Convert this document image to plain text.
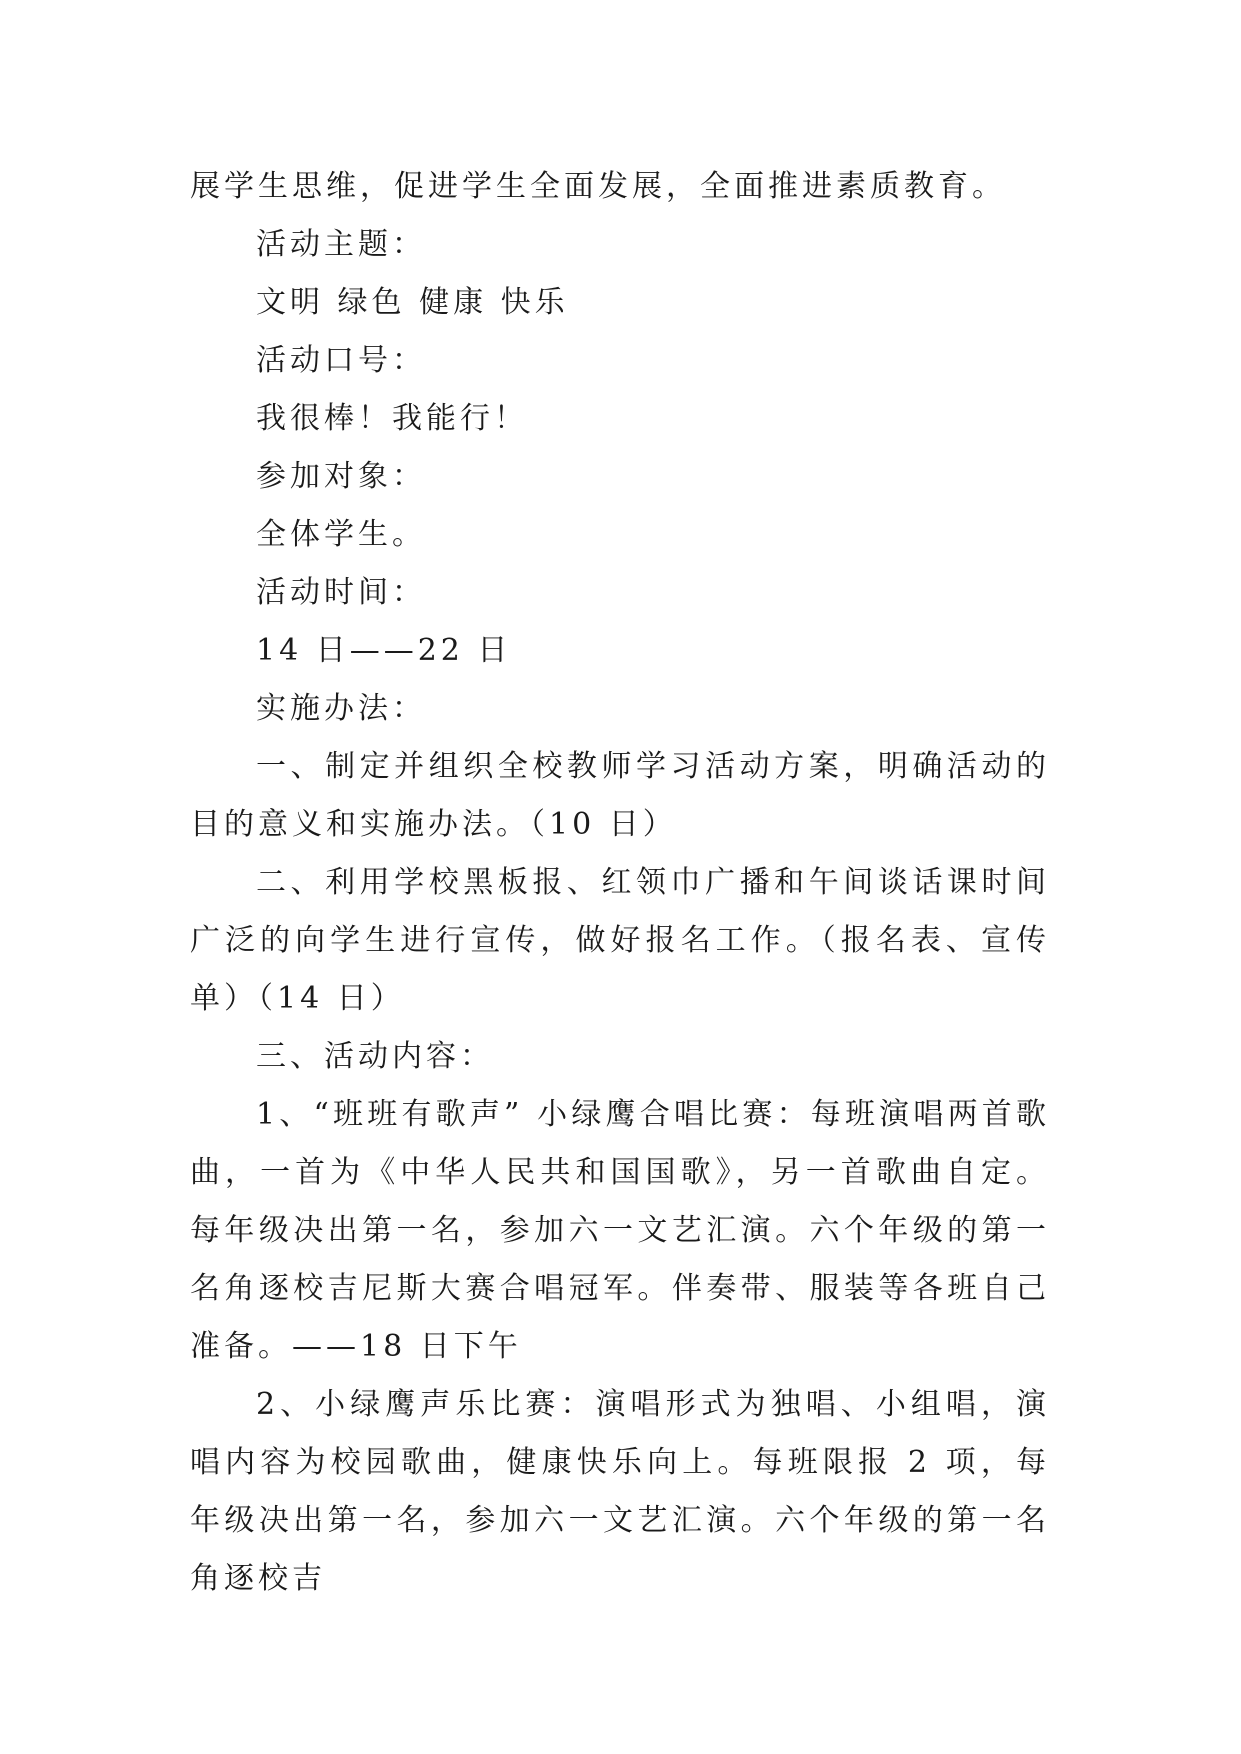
展学生思维，促进学生全面发展，全面推进素质教育。

活动主题：

文明 绿色 健康 快乐

活动口号：

我很棒！我能行！

参加对象：

全体学生。

活动时间：

14 日——22 日

实施办法：

一、制定并组织全校教师学习活动方案，明确活动的目的意义和实施办法。（10 日）

二、利用学校黑板报、红领巾广播和午间谈话课时间广泛的向学生进行宣传，做好报名工作。（报名表、宣传单）（14 日）

三、活动内容：

1、“班班有歌声” 小绿鹰合唱比赛：每班演唱两首歌曲，一首为《中华人民共和国国歌》，另一首歌曲自定。每年级决出第一名，参加六一文艺汇演。六个年级的第一名角逐校吉尼斯大赛合唱冠军。伴奏带、服装等各班自己准备。——18 日下午

2、小绿鹰声乐比赛：演唱形式为独唱、小组唱，演唱内容为校园歌曲，健康快乐向上。每班限报 2 项，每年级决出第一名，参加六一文艺汇演。六个年级的第一名角逐校吉
